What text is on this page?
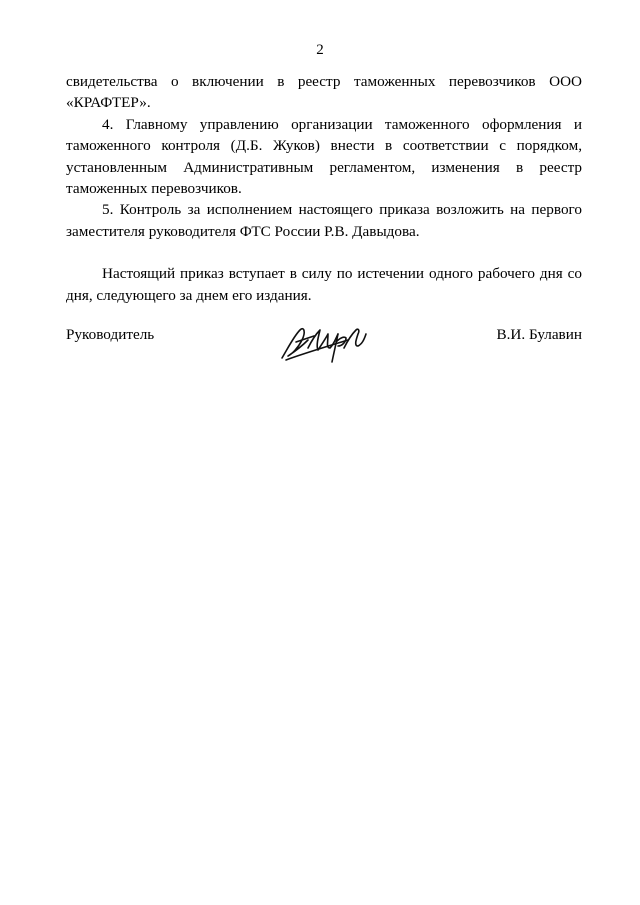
2

свидетельства о включении в реестр таможенных перевозчиков ООО «КРАФТЕР».

4. Главному управлению организации таможенного оформления и таможенного контроля (Д.Б. Жуков) внести в соответствии с порядком, установленным Административным регламентом, изменения в реестр таможенных перевозчиков.

5. Контроль за исполнением настоящего приказа возложить на первого заместителя руководителя ФТС России Р.В. Давыдова.

Настоящий приказ вступает в силу по истечении одного рабочего дня со дня, следующего за днем его издания.

Руководитель	В.И. Булавин
